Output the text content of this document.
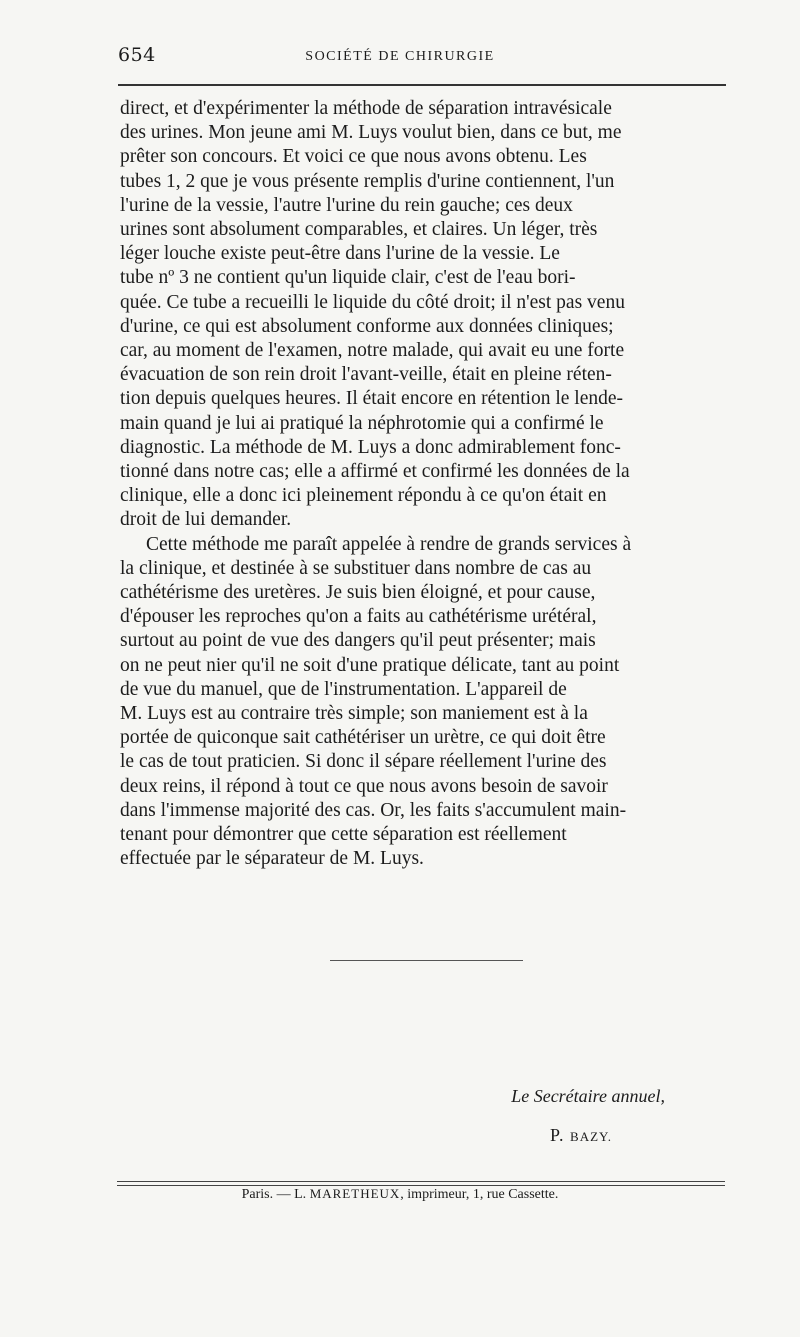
654	SOCIÉTÉ DE CHIRURGIE

direct, et d'expérimenter la méthode de séparation intravésicale
des urines. Mon jeune ami M. Luys voulut bien, dans ce but, me
prêter son concours. Et voici ce que nous avons obtenu. Les
tubes 1, 2 que je vous présente remplis d'urine contiennent, l'un
l'urine de la vessie, l'autre l'urine du rein gauche; ces deux
urines sont absolument comparables, et claires. Un léger, très
léger louche existe peut-être dans l'urine de la vessie. Le
tube nº 3 ne contient qu'un liquide clair, c'est de l'eau bori-
quée. Ce tube a recueilli le liquide du côté droit; il n'est pas venu
d'urine, ce qui est absolument conforme aux données cliniques;
car, au moment de l'examen, notre malade, qui avait eu une forte
évacuation de son rein droit l'avant-veille, était en pleine réten-
tion depuis quelques heures. Il était encore en rétention le lende-
main quand je lui ai pratiqué la néphrotomie qui a confirmé le
diagnostic. La méthode de M. Luys a donc admirablement fonc-
tionné dans notre cas; elle a affirmé et confirmé les données de la
clinique, elle a donc ici pleinement répondu à ce qu'on était en
droit de lui demander.

Cette méthode me paraît appelée à rendre de grands services à
la clinique, et destinée à se substituer dans nombre de cas au
cathétérisme des uretères. Je suis bien éloigné, et pour cause,
d'épouser les reproches qu'on a faits au cathétérisme urétéral,
surtout au point de vue des dangers qu'il peut présenter; mais
on ne peut nier qu'il ne soit d'une pratique délicate, tant au point
de vue du manuel, que de l'instrumentation. L'appareil de
M. Luys est au contraire très simple; son maniement est à la
portée de quiconque sait cathétériser un urètre, ce qui doit être
le cas de tout praticien. Si donc il sépare réellement l'urine des
deux reins, il répond à tout ce que nous avons besoin de savoir
dans l'immense majorité des cas. Or, les faits s'accumulent main-
tenant pour démontrer que cette séparation est réellement
effectuée par le séparateur de M. Luys.

Le Secrétaire annuel,
P. BAZY.
Paris. — L. MARETHEUX, imprimeur, 1, rue Cassette.
